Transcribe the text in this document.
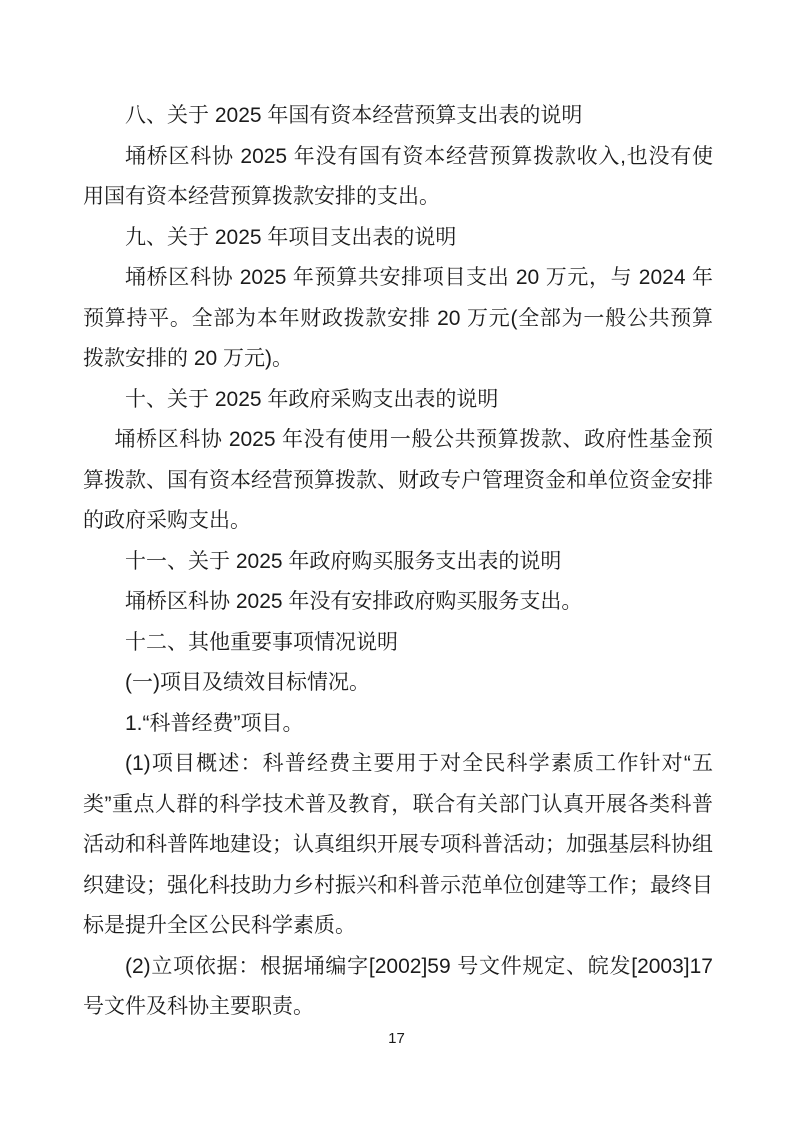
八、关于 2025 年国有资本经营预算支出表的说明

埇桥区科协 2025 年没有国有资本经营预算拨款收入,也没有使用国有资本经营预算拨款安排的支出。

九、关于 2025 年项目支出表的说明

埇桥区科协 2025 年预算共安排项目支出 20 万元，与 2024 年预算持平。全部为本年财政拨款安排 20 万元(全部为一般公共预算拨款安排的 20 万元)。

十、关于 2025 年政府采购支出表的说明

埇桥区科协 2025 年没有使用一般公共预算拨款、政府性基金预算拨款、国有资本经营预算拨款、财政专户管理资金和单位资金安排的政府采购支出。

十一、关于 2025 年政府购买服务支出表的说明

埇桥区科协 2025 年没有安排政府购买服务支出。

十二、其他重要事项情况说明

(一)项目及绩效目标情况。

1.“科普经费”项目。

(1)项目概述：科普经费主要用于对全民科学素质工作针对“五类”重点人群的科学技术普及教育，联合有关部门认真开展各类科普活动和科普阵地建设；认真组织开展专项科普活动；加强基层科协组织建设；强化科技助力乡村振兴和科普示范单位创建等工作；最终目标是提升全区公民科学素质。

(2)立项依据：根据埇编字[2002]59 号文件规定、皖发[2003]17 号文件及科协主要职责。

17
